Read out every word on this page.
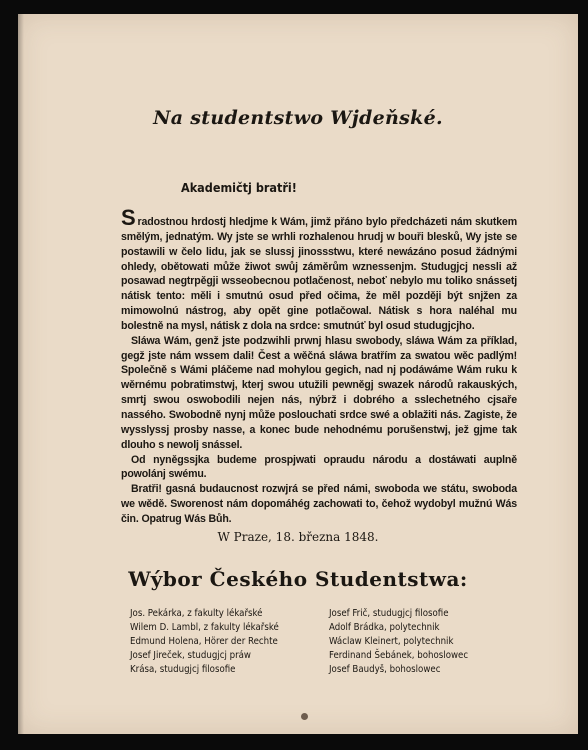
Na studentstwo Wjdeňské.
Akademičtj bratři!

Sradostnou hrdostj hledjme k Wám, jimž přáno bylo předcházeti nám skutkem smělým, jednatým. Wy jste se wrhli rozhalenou hrudj w bouři blesků, Wy jste se postawili w čelo lidu, jak se slussj jinossstwu, které newázáno posud žádnými ohledy, obětowati může žiwot swůj záměrům wznessenjm. Studugjcj nessli až posawad negtrpěgji wsseobecnou potlačenost, neboť nebylo mu toliko snássetj nátisk tento: měli i smutnú osud před očima, že měl později být snjžen za mimowolnú nástrog, aby opět gine potlačowal. Nátisk s hora naléhal mu bolestně na mysl, nátisk z dola na srdce: smutnúť byl osud studugjcjho.

Sláwa Wám, genž jste podzwihli prwnj hlasu swobody, sláwa Wám za příklad, gegž jste nám wssem dali! Čest a wěčná sláwa bratřím za swatou wěc padlým! Společně s Wámi pláčeme nad mohylou gegich, nad nj podáwáme Wám ruku k wěrnému pobratimstwj, kterj swou utužili pewněgj swazek národů rakauských, smrtj swou oswobodili nejen nás, nýbrž i dobrého a sslechetného cjsaře nassého. Swobodně nynj může poslouchati srdce swé a oblažiti nás. Zagiste, že wysslyssj prosby nasse, a konec bude nehodnému porušenstwj, jež gjme tak dlouho s newolj snássel.

Od nyněgssjka budeme prospjwati opraudu národu a dostáwati auplně powolánj swému.

Bratři! gasná budaucnost rozwjrá se před námi, swoboda we státu, swoboda we wědě. Sworenost nám dopomáhég zachowati to, čehož wydobyl mužnú Wás čin. Opatrug Wás Bůh.

W Praze, 18. března 1848.
Wýbor Českého Studentstwa:
Jos. Pekárka, z fakulty lékařské
Wilem D. Lambl, z fakulty lékařské
Edmund Holena, Hörer der Rechte
Josef Jireček, studugjcj práw
Krása, studugjcj filosofie
Josef Frič, studugjcj filosofie
Adolf Brádka, polytechnik
Wáclaw Kleinert, polytechnik
Ferdinand Šebánek, bohoslowec
Josef Baudyš, bohoslowec
